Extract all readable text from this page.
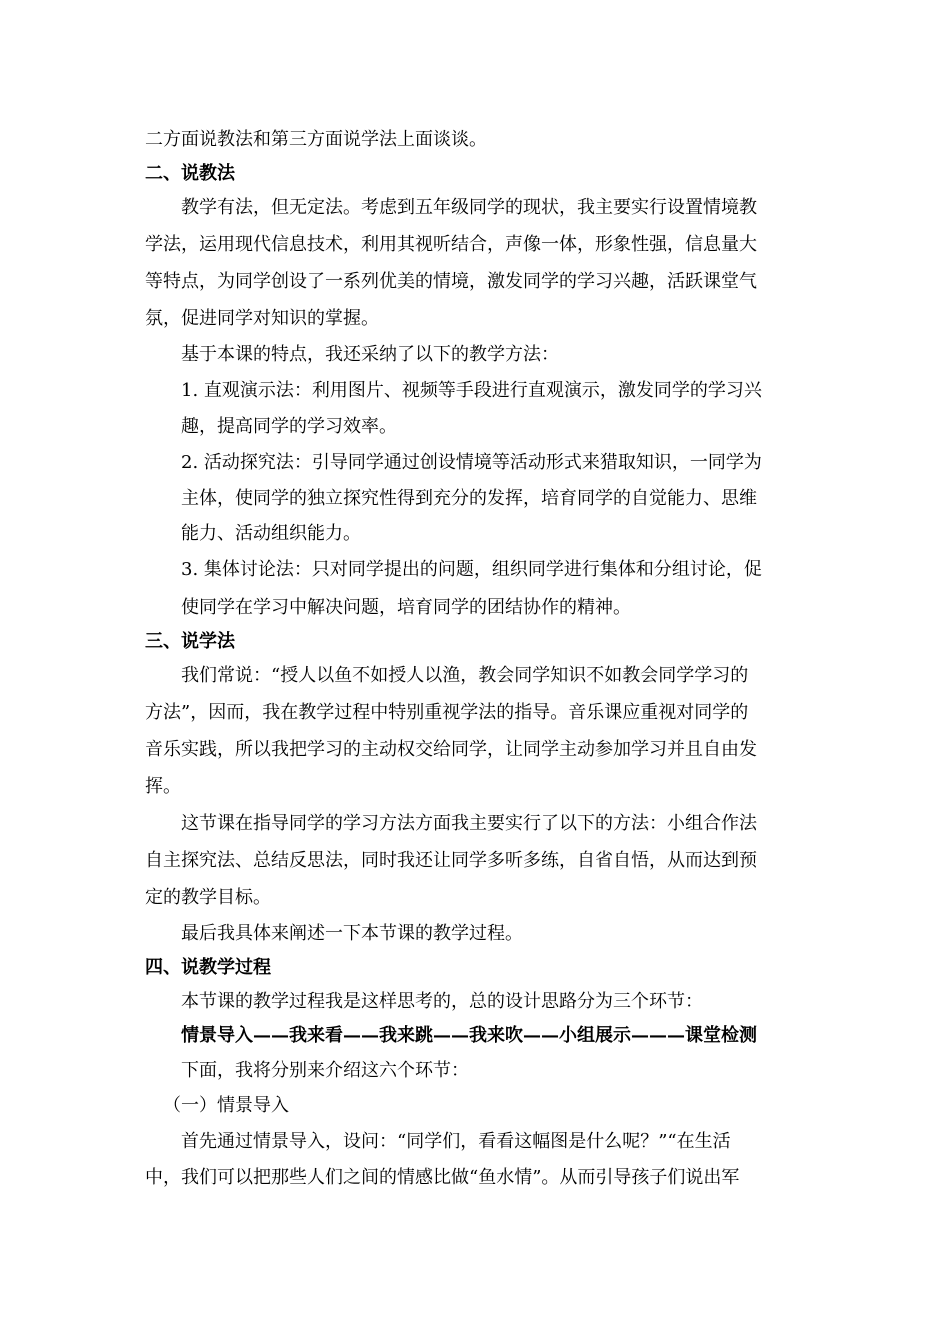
二方面说教法和第三方面说学法上面谈谈。
二、说教法
教学有法，但无定法。考虑到五年级同学的现状，我主要实行设置情境教
学法，运用现代信息技术，利用其视听结合，声像一体，形象性强，信息量大
等特点，为同学创设了一系列优美的情境，激发同学的学习兴趣，活跃课堂气
氛，促进同学对知识的掌握。
基于本课的特点，我还采纳了以下的教学方法：
1. 直观演示法：利用图片、视频等手段进行直观演示，激发同学的学习兴
趣，提高同学的学习效率。
2. 活动探究法：引导同学通过创设情境等活动形式来猎取知识，一同学为
主体，使同学的独立探究性得到充分的发挥，培育同学的自觉能力、思维
能力、活动组织能力。
3. 集体讨论法：只对同学提出的问题，组织同学进行集体和分组讨论，促
使同学在学习中解决问题，培育同学的团结协作的精神。
三、说学法
我们常说：“授人以鱼不如授人以渔，教会同学知识不如教会同学学习的
方法”，因而，我在教学过程中特别重视学法的指导。音乐课应重视对同学的
音乐实践，所以我把学习的主动权交给同学，让同学主动参加学习并且自由发
挥。
这节课在指导同学的学习方法方面我主要实行了以下的方法：小组合作法
自主探究法、总结反思法，同时我还让同学多听多练，自省自悟，从而达到预
定的教学目标。
最后我具体来阐述一下本节课的教学过程。
四、说教学过程
本节课的教学过程我是这样思考的，总的设计思路分为三个环节：
情景导入——我来看——我来跳——我来吹——小组展示———课堂检测
下面，我将分别来介绍这六个环节：
（一）情景导入
首先通过情景导入，设问：“同学们，看看这幅图是什么呢？”“在生活
中，我们可以把那些人们之间的情感比做“鱼水情”。从而引导孩子们说出军
